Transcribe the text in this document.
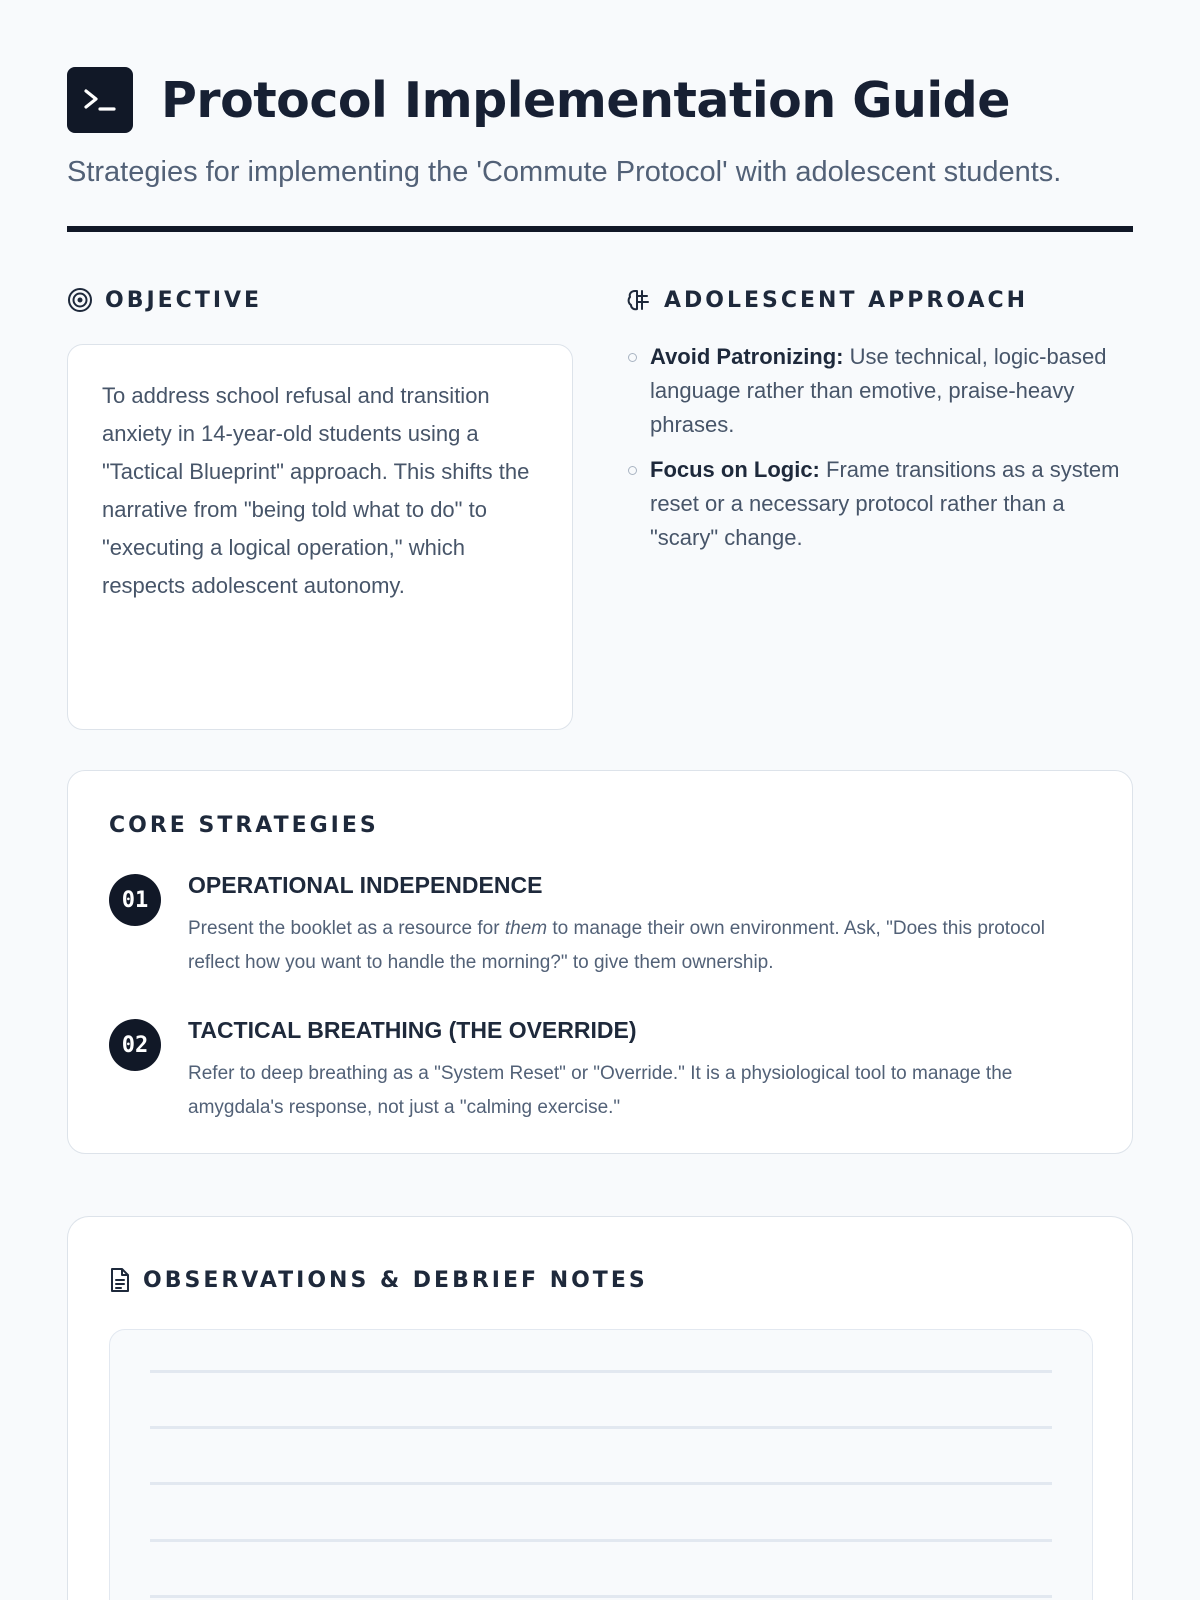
Protocol Implementation Guide

Strategies for implementing the 'Commute Protocol' with adolescent students.

OBJECTIVE

To address school refusal and transition anxiety in 14-year-old students using a "Tactical Blueprint" approach. This shifts the narrative from "being told what to do" to "executing a logical operation," which respects adolescent autonomy.

ADOLESCENT APPROACH
Avoid Patronizing: Use technical, logic-based language rather than emotive, praise-heavy phrases.
Focus on Logic: Frame transitions as a system reset or a necessary protocol rather than a "scary" change.
CORE STRATEGIES
01
OPERATIONAL INDEPENDENCE
Present the booklet as a resource for them to manage their own environment. Ask, "Does this protocol reflect how you want to handle the morning?" to give them ownership.
02
TACTICAL BREATHING (THE OVERRIDE)
Refer to deep breathing as a "System Reset" or "Override." It is a physiological tool to manage the amygdala's response, not just a "calming exercise."
OBSERVATIONS & DEBRIEF NOTES
